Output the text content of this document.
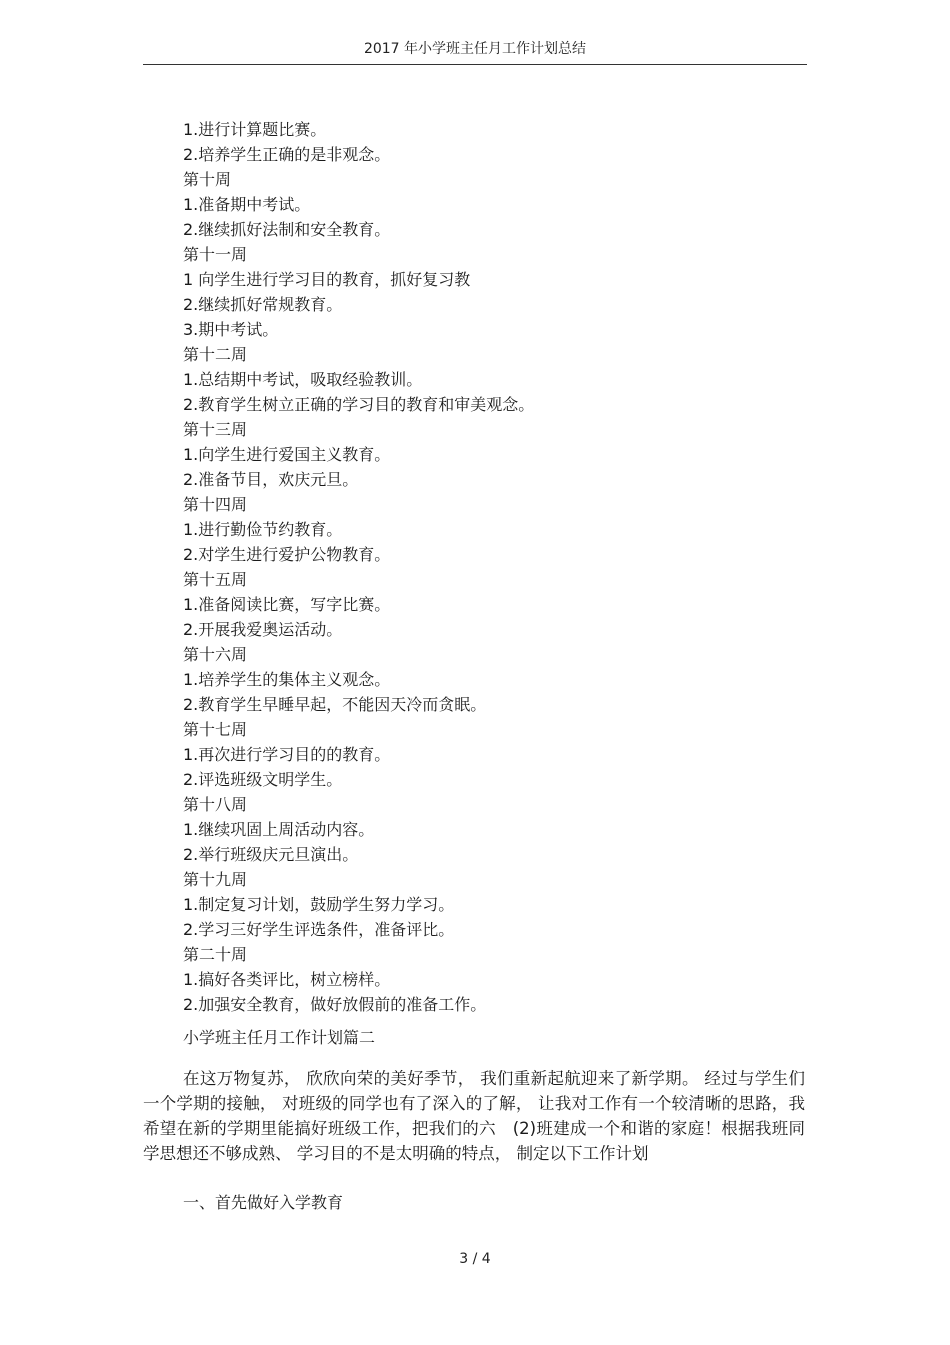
2017 年小学班主任月工作计划总结
1.进行计算题比赛。
2.培养学生正确的是非观念。
第十周
1.准备期中考试。
2.继续抓好法制和安全教育。
第十一周
1 向学生进行学习目的教育，抓好复习教
2.继续抓好常规教育。
3.期中考试。
第十二周
1.总结期中考试，吸取经验教训。
2.教育学生树立正确的学习目的教育和审美观念。
第十三周
1.向学生进行爱国主义教育。
2.准备节目，欢庆元旦。
第十四周
1.进行勤俭节约教育。
2.对学生进行爱护公物教育。
第十五周
1.准备阅读比赛，写字比赛。
2.开展我爱奥运活动。
第十六周
1.培养学生的集体主义观念。
2.教育学生早睡早起，不能因天冷而贪眠。
第十七周
1.再次进行学习目的的教育。
2.评选班级文明学生。
第十八周
1.继续巩固上周活动内容。
2.举行班级庆元旦演出。
第十九周
1.制定复习计划，鼓励学生努力学习。
2.学习三好学生评选条件，准备评比。
第二十周
1.搞好各类评比，树立榜样。
2.加强安全教育，做好放假前的准备工作。
小学班主任月工作计划篇二

在这万物复苏， 欣欣向荣的美好季节， 我们重新起航迎来了新学期。 经过与学生们一个学期的接触， 对班级的同学也有了深入的了解， 让我对工作有一个较清晰的思路，我希望在新的学期里能搞好班级工作，把我们的六　(2)班建成一个和谐的家庭！根据我班同学思想还不够成熟、 学习目的不是太明确的特点， 制定以下工作计划

一、首先做好入学教育
3 / 4
